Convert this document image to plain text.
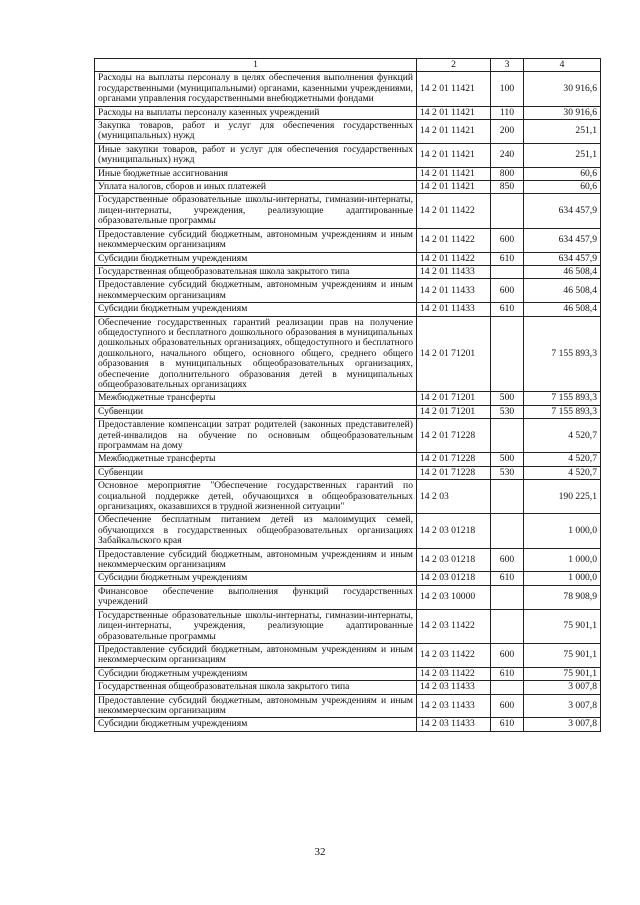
1	2	3	4
Расходы на выплаты персоналу в целях обеспечения выполнения функций государственными (муниципальными) органами, казенными учреждениями, органами управления государственными внебюджетными фондами	14 2 01 11421	100	30 916,6
Расходы на выплаты персоналу казенных учреждений	14 2 01 11421	110	30 916,6
Закупка товаров, работ и услуг для обеспечения государственных (муниципальных) нужд	14 2 01 11421	200	251,1
Иные закупки товаров, работ и услуг для обеспечения государственных (муниципальных) нужд	14 2 01 11421	240	251,1
Иные бюджетные ассигнования	14 2 01 11421	800	60,6
Уплата налогов, сборов и иных платежей	14 2 01 11421	850	60,6
Государственные образовательные школы-интернаты, гимназии-интернаты, лицеи-интернаты, учреждения, реализующие адаптированные образовательные программы	14 2 01 11422		634 457,9
Предоставление субсидий бюджетным, автономным учреждениям и иным некоммерческим организациям	14 2 01 11422	600	634 457,9
Субсидии бюджетным учреждениям	14 2 01 11422	610	634 457,9
Государственная общеобразовательная школа закрытого типа	14 2 01 11433		46 508,4
Предоставление субсидий бюджетным, автономным учреждениям и иным некоммерческим организациям	14 2 01 11433	600	46 508,4
Субсидии бюджетным учреждениям	14 2 01 11433	610	46 508,4
Обеспечение государственных гарантий реализации прав на получение общедоступного и бесплатного дошкольного образования в муниципальных дошкольных образовательных организациях, общедоступного и бесплатного дошкольного, начального общего, основного общего, среднего общего образования в муниципальных общеобразовательных организациях, обеспечение дополнительного образования детей в муниципальных общеобразовательных организациях	14 2 01 71201		7 155 893,3
Межбюджетные трансферты	14 2 01 71201	500	7 155 893,3
Субвенции	14 2 01 71201	530	7 155 893,3
Предоставление компенсации затрат родителей (законных представителей) детей-инвалидов на обучение по основным общеобразовательным программам на дому	14 2 01 71228		4 520,7
Межбюджетные трансферты	14 2 01 71228	500	4 520,7
Субвенции	14 2 01 71228	530	4 520,7
Основное мероприятие "Обеспечение государственных гарантий по социальной поддержке детей, обучающихся в общеобразовательных организациях, оказавшихся в трудной жизненной ситуации"	14 2 03		190 225,1
Обеспечение бесплатным питанием детей из малоимущих семей, обучающихся в государственных общеобразовательных организациях Забайкальского края	14 2 03 01218		1 000,0
Предоставление субсидий бюджетным, автономным учреждениям и иным некоммерческим организациям	14 2 03 01218	600	1 000,0
Субсидии бюджетным учреждениям	14 2 03 01218	610	1 000,0
Финансовое обеспечение выполнения функций государственных учреждений	14 2 03 10000		78 908,9
Государственные образовательные школы-интернаты, гимназии-интернаты, лицеи-интернаты, учреждения, реализующие адаптированные образовательные программы	14 2 03 11422		75 901,1
Предоставление субсидий бюджетным, автономным учреждениям и иным некоммерческим организациям	14 2 03 11422	600	75 901,1
Субсидии бюджетным учреждениям	14 2 03 11422	610	75 901,1
Государственная общеобразовательная школа закрытого типа	14 2 03 11433		3 007,8
Предоставление субсидий бюджетным, автономным учреждениям и иным некоммерческим организациям	14 2 03 11433	600	3 007,8
Субсидии бюджетным учреждениям	14 2 03 11433	610	3 007,8
32
